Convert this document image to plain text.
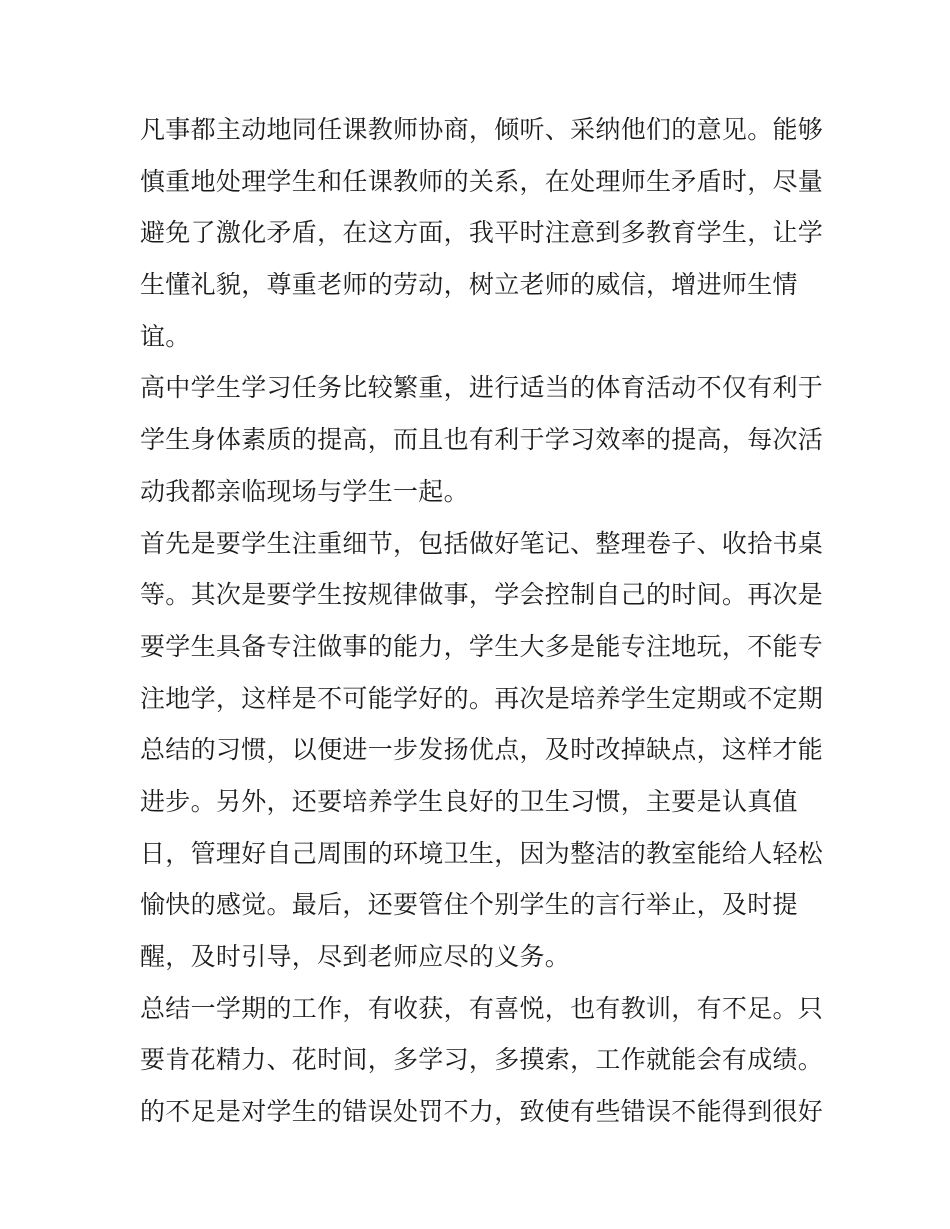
凡事都主动地同任课教师协商，倾听、采纳他们的意见。能够
慎重地处理学生和任课教师的关系，在处理师生矛盾时，尽量
避免了激化矛盾，在这方面，我平时注意到多教育学生，让学
生懂礼貌，尊重老师的劳动，树立老师的威信，增进师生情
谊。
高中学生学习任务比较繁重，进行适当的体育活动不仅有利于
学生身体素质的提高，而且也有利于学习效率的提高，每次活
动我都亲临现场与学生一起。
首先是要学生注重细节，包括做好笔记、整理卷子、收拾书桌
等。其次是要学生按规律做事，学会控制自己的时间。再次是
要学生具备专注做事的能力，学生大多是能专注地玩，不能专
注地学，这样是不可能学好的。再次是培养学生定期或不定期
总结的习惯，以便进一步发扬优点，及时改掉缺点，这样才能
进步。另外，还要培养学生良好的卫生习惯，主要是认真值
日，管理好自己周围的环境卫生，因为整洁的教室能给人轻松
愉快的感觉。最后，还要管住个别学生的言行举止，及时提
醒，及时引导，尽到老师应尽的义务。
总结一学期的工作，有收获，有喜悦，也有教训，有不足。只
要肯花精力、花时间，多学习，多摸索，工作就能会有成绩。
的不足是对学生的错误处罚不力，致使有些错误不能得到很好
